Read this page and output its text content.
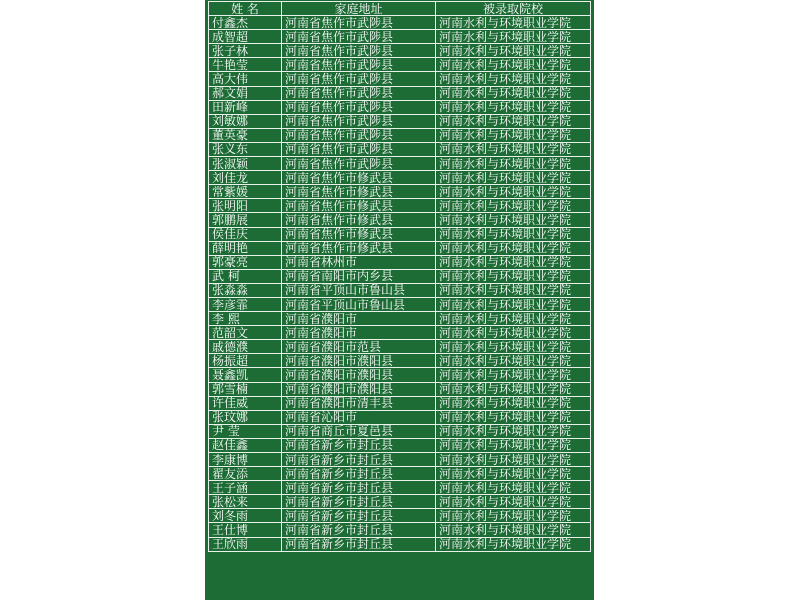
姓 名	家庭地址	被录取院校
付鑫杰	河南省焦作市武陟县	河南水利与环境职业学院
成智超	河南省焦作市武陟县	河南水利与环境职业学院
张子林	河南省焦作市武陟县	河南水利与环境职业学院
牛艳莹	河南省焦作市武陟县	河南水利与环境职业学院
高大伟	河南省焦作市武陟县	河南水利与环境职业学院
郝文娟	河南省焦作市武陟县	河南水利与环境职业学院
田新峰	河南省焦作市武陟县	河南水利与环境职业学院
刘敏娜	河南省焦作市武陟县	河南水利与环境职业学院
董英豪	河南省焦作市武陟县	河南水利与环境职业学院
张义东	河南省焦作市武陟县	河南水利与环境职业学院
张淑颖	河南省焦作市武陟县	河南水利与环境职业学院
刘佳龙	河南省焦作市修武县	河南水利与环境职业学院
常紫媛	河南省焦作市修武县	河南水利与环境职业学院
张明阳	河南省焦作市修武县	河南水利与环境职业学院
郭鹏展	河南省焦作市修武县	河南水利与环境职业学院
侯佳庆	河南省焦作市修武县	河南水利与环境职业学院
薛明艳	河南省焦作市修武县	河南水利与环境职业学院
郭豪亮	河南省林州市	河南水利与环境职业学院
武 柯	河南省南阳市内乡县	河南水利与环境职业学院
张淼淼	河南省平顶山市鲁山县	河南水利与环境职业学院
李彦霏	河南省平顶山市鲁山县	河南水利与环境职业学院
李 熙	河南省濮阳市	河南水利与环境职业学院
范韶文	河南省濮阳市	河南水利与环境职业学院
戚德濮	河南省濮阳市范县	河南水利与环境职业学院
杨振超	河南省濮阳市濮阳县	河南水利与环境职业学院
聂鑫凯	河南省濮阳市濮阳县	河南水利与环境职业学院
郭雪楠	河南省濮阳市濮阳县	河南水利与环境职业学院
许佳威	河南省濮阳市清丰县	河南水利与环境职业学院
张玟娜	河南省沁阳市	河南水利与环境职业学院
尹 莹	河南省商丘市夏邑县	河南水利与环境职业学院
赵佳鑫	河南省新乡市封丘县	河南水利与环境职业学院
李康博	河南省新乡市封丘县	河南水利与环境职业学院
翟友添	河南省新乡市封丘县	河南水利与环境职业学院
王子涵	河南省新乡市封丘县	河南水利与环境职业学院
张松来	河南省新乡市封丘县	河南水利与环境职业学院
刘冬雨	河南省新乡市封丘县	河南水利与环境职业学院
王仕博	河南省新乡市封丘县	河南水利与环境职业学院
王欣雨	河南省新乡市封丘县	河南水利与环境职业学院
